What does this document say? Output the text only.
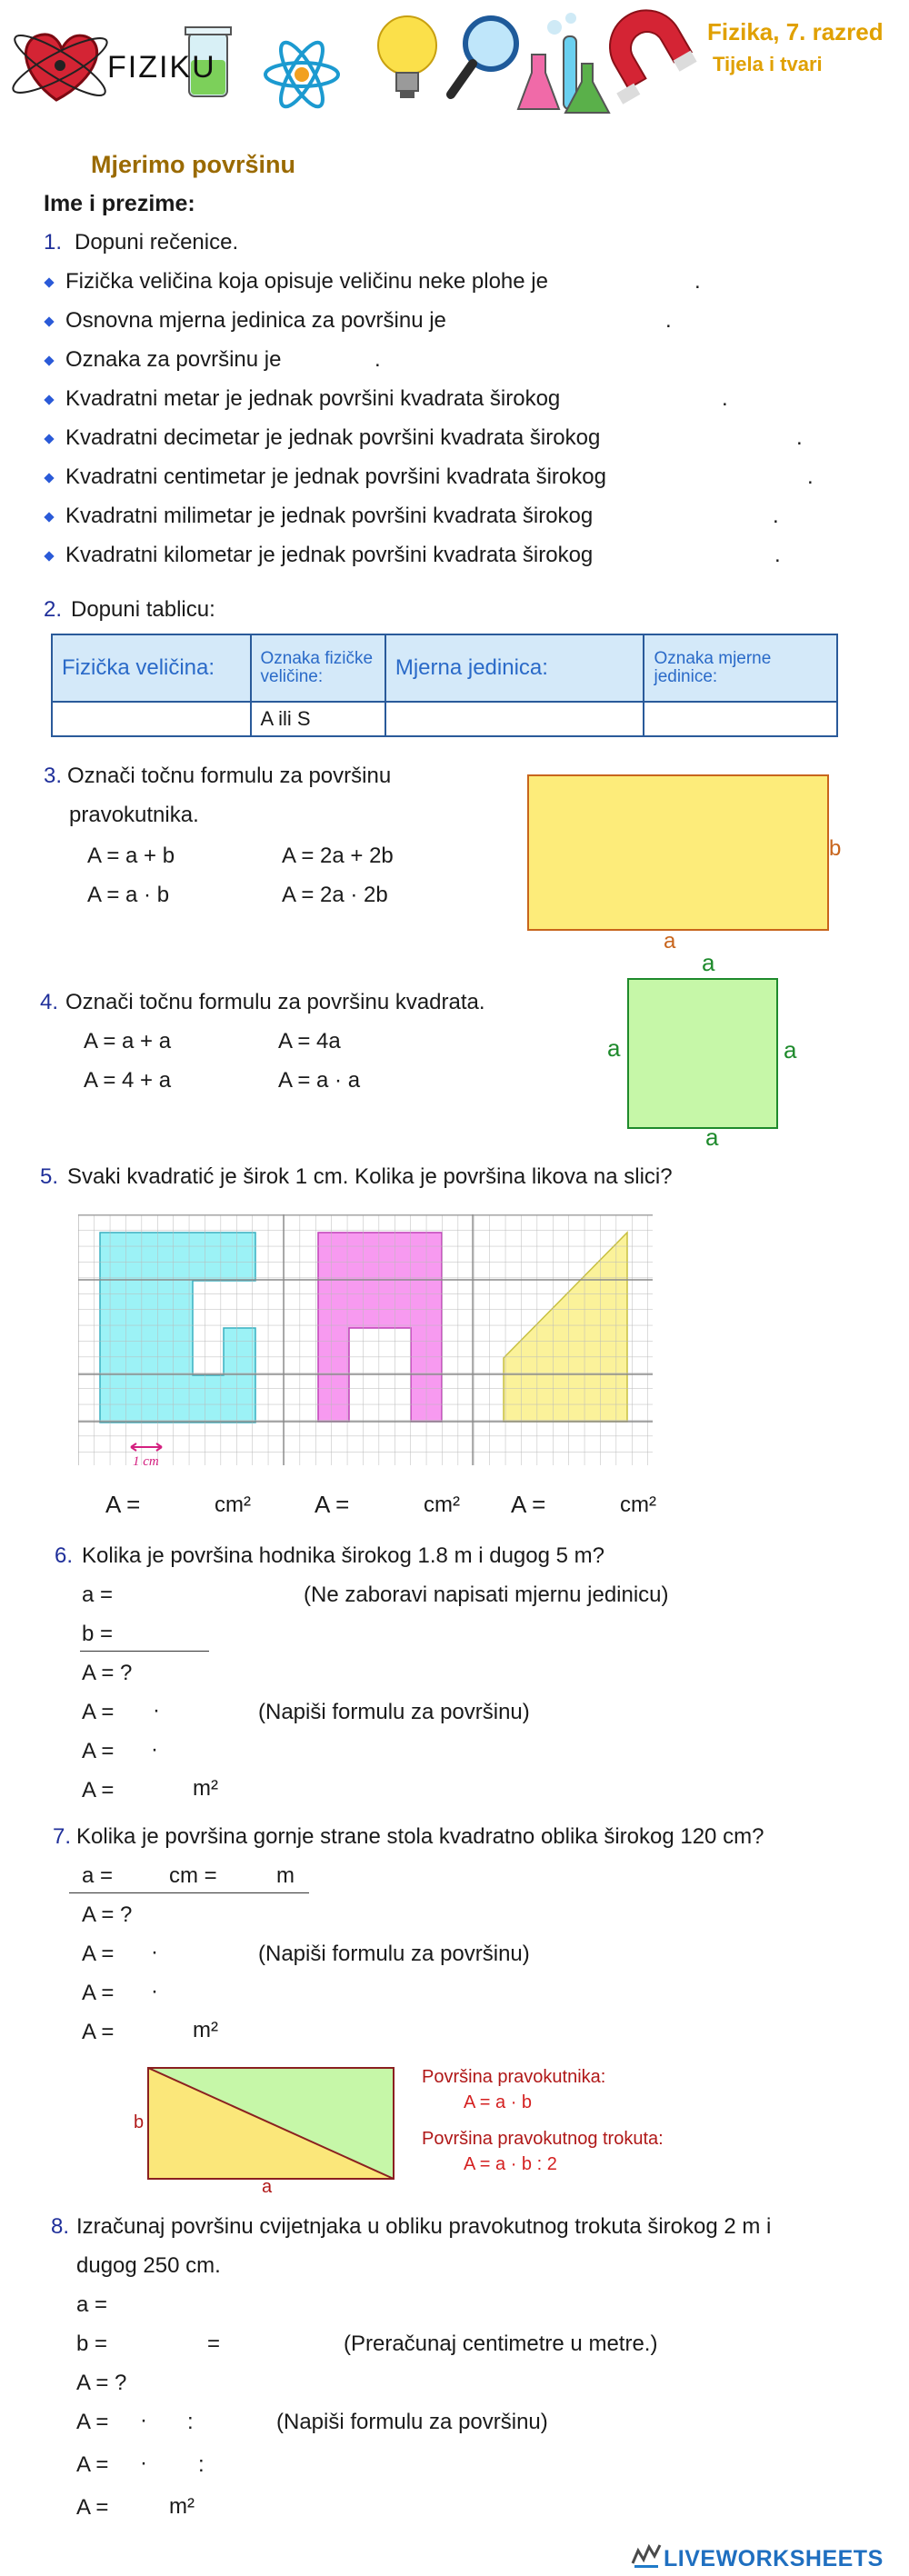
FIZIKU
Fizika, 7. razred
Tijela i tvari
Mjerimo površinu
Ime i prezime:
1. Dopuni rečenice.
Fizička veličina koja opisuje veličinu neke plohe je	.
Osnovna mjerna jedinica za površinu je	.
Oznaka za površinu je	.
Kvadratni metar je jednak površini kvadrata širokog	.
Kvadratni decimetar je jednak površini kvadrata širokog	.
Kvadratni centimetar je jednak površini kvadrata širokog	.
Kvadratni milimetar je jednak površini kvadrata širokog	.
Kvadratni kilometar je jednak površini kvadrata širokog	.
2. Dopuni tablicu:
Fizička veličina:	Oznaka fizičke veličine:	Mjerna jedinica:	Oznaka mjerne jedinice:
	A ili S		
3. Označi točnu formulu za površinu
pravokutnika.
A = a + b	A = 2a + 2b
A = a · b	A = 2a · 2b
b
a
4. Označi točnu formulu za površinu kvadrata.
A = a + a	A = 4a
A = 4 + a	A = a · a
a
a	a
a
5. Svaki kvadratić je širok 1 cm. Kolika je površina likova na slici?
1 cm
A =	cm²	A =	cm² A =	cm²
6. Kolika je površina hodnika širokog 1.8 m i dugog 5 m?
a =	(Ne zaboravi napisati mjernu jedinicu)
b =
A = ?
A = ·	(Napiši formulu za površinu)
A = ·
A =	m²
7. Kolika je površina gornje strane stola kvadratno oblika širokog 120 cm?
a =	cm =	m
A = ?
A = ·	(Napiši formulu za površinu)
A = ·
A =	m²
b
a
Površina pravokutnika:
A = a · b
Površina pravokutnog trokuta:
A = a · b : 2
8. Izračunaj površinu cvijetnjaka u obliku pravokutnog trokuta širokog 2 m i
dugog 250 cm.
a =
b =	=	(Preračunaj centimetre u metre.)
A = ?
A = · :	(Napiši formulu za površinu)
A = · :
A =	m²
LIVEWORKSHEETS
